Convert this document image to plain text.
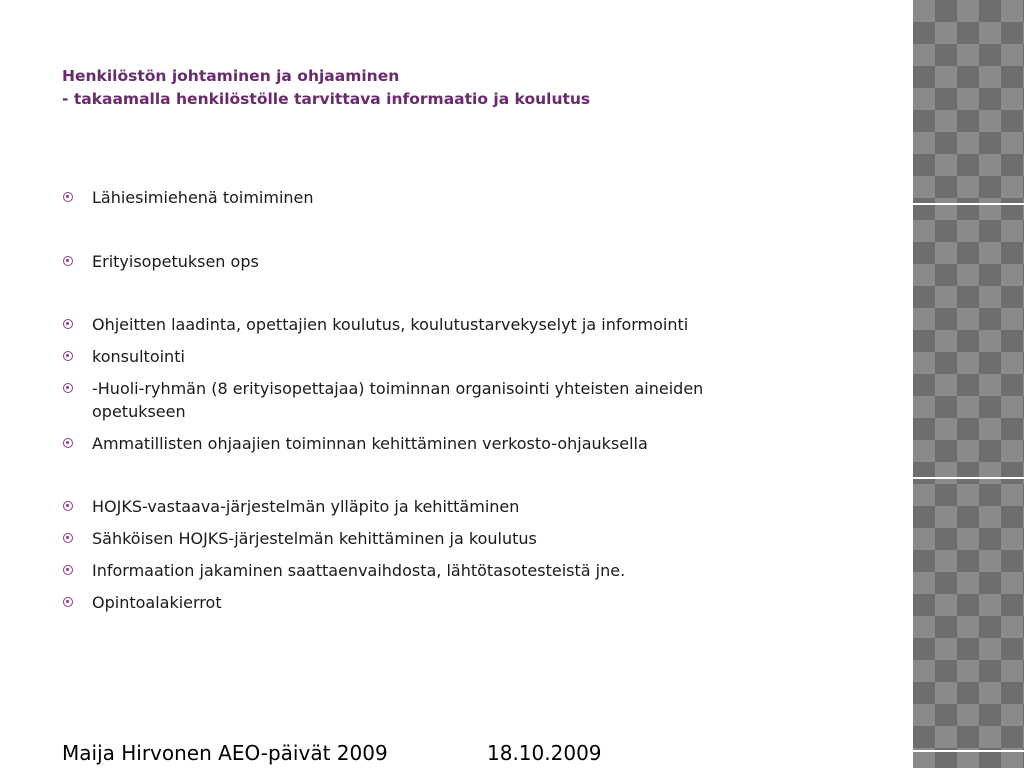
Henkilöstön johtaminen ja ohjaaminen
- takaamalla henkilöstölle tarvittava informaatio ja koulutus
Lähiesimiehenä toimiminen
Erityisopetuksen ops
Ohjeitten laadinta, opettajien koulutus, koulutustarvekyselyt ja informointi
konsultointi
-Huoli-ryhmän (8 erityisopettajaa) toiminnan organisointi yhteisten aineiden opetukseen
Ammatillisten ohjaajien toiminnan kehittäminen verkosto-ohjauksella
HOJKS-vastaava-järjestelmän ylläpito ja kehittäminen
Sähköisen HOJKS-järjestelmän kehittäminen ja koulutus
Informaation jakaminen saattaenvaihdosta, lähtötasotesteistä jne.
Opintoalakierrot
Maija Hirvonen AEO-päivät 2009	18.10.2009
